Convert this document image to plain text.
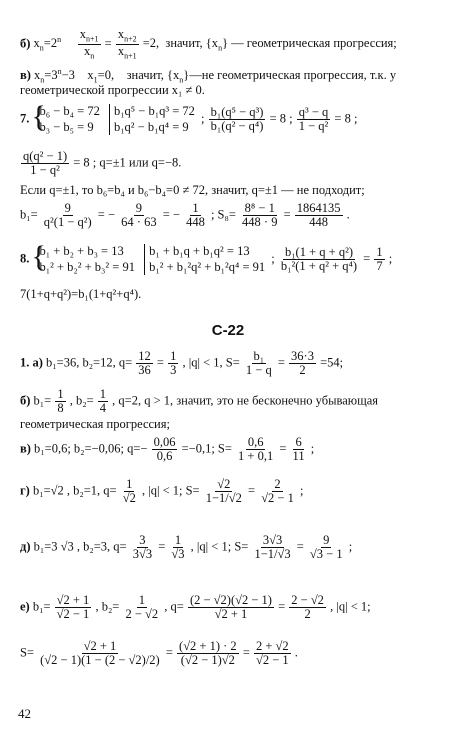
б) $x_n=2^n \frac{x_{n+1}}{x_n} = \frac{x_{n+2}}{x_{n+1}} =2$,  значит, $\{x_n\}$ — геометрическая прогрессия;
в) $x_n=3^n-3$    $x_1=0$,    значит, $\{x_n\}—не$ геометрическая прогрессия, т.к. у
геометрической прогрессии x₁ ≠ 0.
7. {
b₆ − b₄ = 72
b₃ − b₅ = 9

b₁q⁵ − b₁q³ = 72
b₁q² − b₁q⁴ = 9
; $\frac{\text{b₁(q⁵ − q³)}}{\text{b₁(q² − q⁴)}} = 8$ ; $\frac{\text{q³ − q}}{\text{1 − q²}} = 8$ ;
$\frac{\text{q(q² − 1)}}{\text{1 − q²}} = 8$ ; q=±1 или q=−8.
Если q=±1, то b₆=b₄ и b₆−b₄=0 ≠ 72, значит, q=±1 — не подходит;
$b_1= \frac{9}{\text{q²(1 − q²)}}$ = − $\frac{9}{64 \cdot 63}$ = − $\frac{1}{448}$ ; $S_8= \frac{\text{8⁸ − 1}}{448 \cdot 9} = \frac{1864135}{448}$ .
8. {
b₁ + b₂ + b₃ = 13
b₁² + b₂² + b₃² = 91

b₁ + b₁q + b₁q² = 13
b₁² + b₁²q² + b₁²q⁴ = 91
; $\frac{\text{b₁(1 + q + q²)}}{\text{b₁²(1 + q² + q⁴)}} = \frac{1}{7}$ ;
7(1+q+q²)=b₁(1+q²+q⁴).
С-22
1. а) b₁=36, b₂=12, $q= \frac{12}{36} = \frac{1}{3}$ , |q| < 1, $S= \frac{\text{b₁}}{1 - q} = \frac{36\cdot 3}{2} =54$;
б) $b_1= \frac{1}{8}$ , $b_2= \frac{1}{4}$ , q=2, q > 1, значит, это не бесконечно убывающая
геометрическая прогрессия;
в) b₁=0,6; b₂=−0,06; $q=- \frac{0,06}{0,6} =-0,1$; $S= \frac{0,6}{1 + 0,1} = \frac{6}{11}$ ;
г) b₁=√2 , b₂=1, $q= \frac{1}{√2}$ , |q| < 1; $S= \frac{√2}{1-1/√2} = \frac{2}{√2 - 1}$ ;
д) b₁=3 √3 , b₂=3, $q= \frac{3}{3√3} = \frac{1}{√3}$ , |q| < 1; $S= \frac{3√3}{1-1/√3} = \frac{9}{√3 - 1}$ ;
е) $b_1= \frac{√2 + 1}{√2 - 1}$ , $b_2= \frac{1}{2 - √2}$ , $q= \frac{(2 - √2)(√2 - 1)}{√2 + 1} = \frac{2 - √2}{2}$ , |q| < 1;
$S= \frac{√2 + 1}{(√2 - 1)(1 - (2 - √2)/2)} = \frac{(√2 + 1) \cdot 2}{(√2 - 1)√2} = \frac{2 + √2}{√2 - 1}$ .
42
